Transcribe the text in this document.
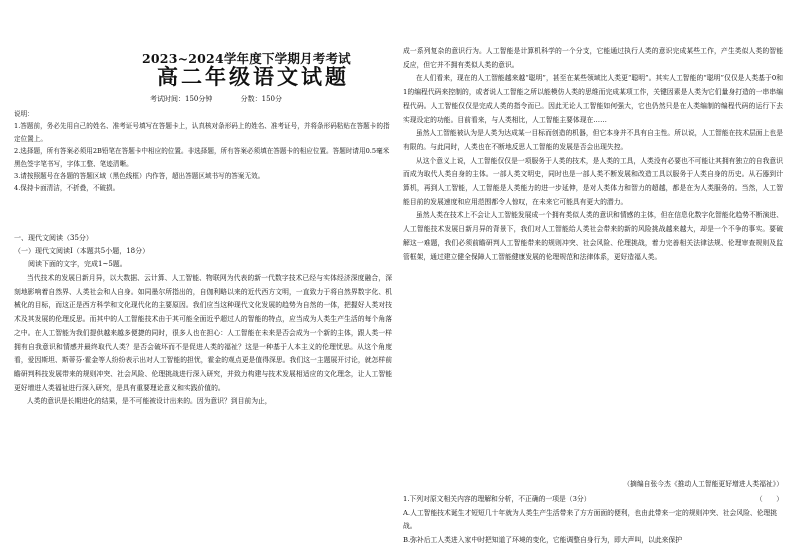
2023~2024学年度下学期月考考试
高二年级语文试题
考试时间：150分钟	分数：150分

说明：

1.答题前，务必先用自己的姓名、准考证号填写在答题卡上，认真核对条形码上的姓名、准考证号，并将条形码粘贴在答题卡的指定位置上。

2.选择题，所有答案必须用2B铅笔在答题卡中相应的位置。非选择题，所有答案必须填在答题卡的相应位置。答题时请用0.5毫米黑色签字笔书写，字体工整、笔迹清晰。

3.请按照题号在各题的答题区域（黑色线框）内作答，超出答题区域书写的答案无效。

4.保持卡面清洁，不折叠，不破损。

一、现代文阅读（35分）
（一）现代文阅读Ⅰ（本题共5小题，18分）
阅读下面的文字，完成1~5题。

当代技术的发展日新月异，以大数据、云计算、人工智能、物联网为代表的新一代数字技术已经与实体经济深度融合，深刻地影响着自然界、人类社会和人自身。如同墨尔所指出的，自伽利略以来的近代西方文明，一直致力于将自然界数字化、机械化的目标，而这正是西方科学和文化现代化的主要原因。我们应当这种现代文化发展的趋势为自然的一体，把握好人类对技术及其发展的伦理反思。而其中的人工智能技术由于其可能全面近乎超过人的智能的特点，应当成为人类生产生活的每个角落之中。在人工智能为我们提供越来越多便捷的同时，很多人也在担心：人工智能在未来是否会成为一个新的主体，跟人类一样拥有自我意识和情感并最终取代人类？是否会破坏而不是促进人类的福祉？这是一种基于人本主义的伦理忧思。从这个角度看，爱因斯坦、斯蒂芬·霍金等人纷纷表示出对人工智能的担忧，霍金的观点更是值得深思。我们这一主题展开讨论，就怎样前瞻研判科技发展带来的规则冲突、社会风险、伦理挑战进行深入研究，并致力构建与技术发展相适应的文化理念，让人工智能更好增进人类福祉进行深入研究，是具有重要理论意义和实践价值的。

人类的意识是长期进化的结果，是不可能被设计出来的。因为意识？到目前为止，

成一系列复杂的意识行为。人工智能是计算机科学的一个分支，它能通过执行人类的意识完成某些工作，产生类似人类的智能反应，但它并不拥有类似人类的意识。

在人们看来，现在的人工智能越来越“聪明”，甚至在某些领域比人类更“聪明”。其实人工智能的“聪明”仅仅是人类基于0和1的编程代码来控制的，或者说人工智能之所以能模仿人类的思维而完成某项工作，关键因素是人类为它们量身打造的一串串编程代码。人工智能仅仅是完成人类的指令而已。因此无论人工智能如何强大，它也仍然只是在人类编制的编程代码的运行下去实现设定的功能。目前看来，与人类相比，人工智能主要体现在……

虽然人工智能被认为是人类为达成某一目标而创造的机器，但它本身并不具有自主性。所以说，人工智能在技术层面上也是有限的。与此同时，人类也在不断地反思人工智能的发展是否会出现失控。

从这个意义上说，人工智能仅仅是一项服务于人类的技术，是人类的工具，人类没有必要也不可能让其拥有独立的自我意识而成为取代人类自身的主体。一部人类文明史，同时也是一部人类不断发展和改造工具以服务于人类自身的历史。从石器到计算机，再到人工智能，人工智能是人类能力的进一步延伸，是对人类体力和智力的超越，都是在为人类服务的。当然，人工智能目前的发展速度和应用范围都令人惊叹，在未来它可能具有更大的潜力。

虽然人类在技术上不会让人工智能发展成一个拥有类似人类的意识和情感的主体，但在信息化数字化智能化趋势不断演进、人工智能技术发展日新月异的背景下，我们对人工智能给人类社会带来的新的风险挑战越来越大，却是一个不争的事实。要破解这一难题，我们必须前瞻研判人工智能带来的规则冲突、社会风险、伦理挑战，着力完善相关法律法规、伦理审查规则及监管框架，通过建立健全保障人工智能健康发展的伦理规范和法律体系，更好造福人类。

（摘编自张今杰《推动人工智能更好增进人类福祉》）
1.下列对原文相关内容的理解和分析，不正确的一项是（3分）	（　　）

A.人工智能技术诞生才短短几十年就为人类生产生活带来了方方面面的便利，也由此带来一定的规则冲突、社会风险、伦理挑战。

B.弥补后工人类进入家中时把知道了环境的变化，它能调整自身行为，即大声叫，以此来保护
